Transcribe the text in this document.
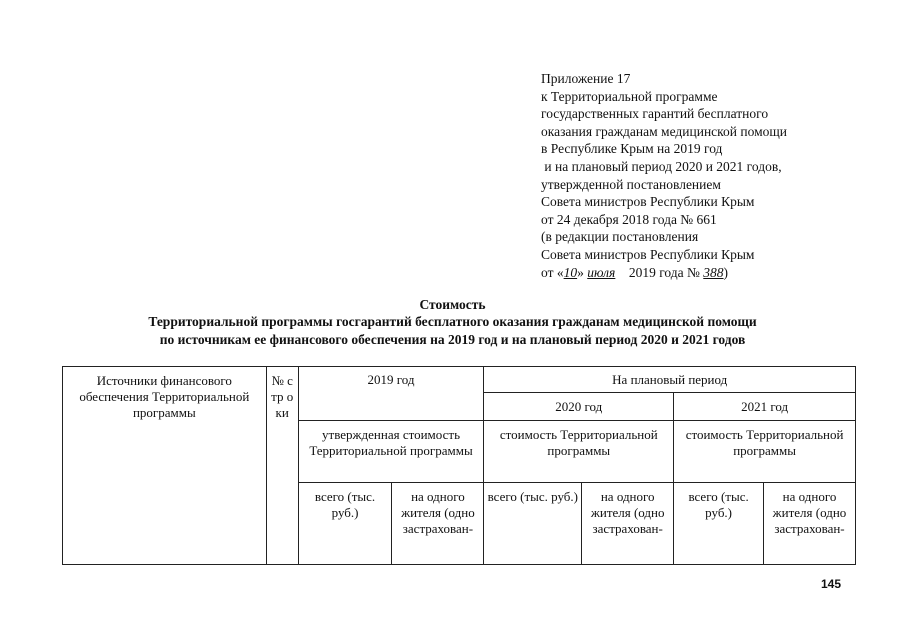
Приложение 17
к Территориальной программе
государственных гарантий бесплатного
оказания гражданам медицинской помощи
в Республике Крым на 2019 год
и на плановый период 2020 и 2021 годов,
утвержденной постановлением
Совета министров Республики Крым
от 24 декабря 2018 года № 661
(в редакции постановления
Совета министров Республики Крым
от «10» июля    2019 года № 388)
Стоимость
Территориальной программы госгарантий бесплатного оказания гражданам медицинской помощи
по источникам ее финансового обеспечения на 2019 год и на плановый период 2020 и 2021 годов
Источники финансового обеспечения Территориальной программы	№ стр оки	2019 год		На плановый период			
				2020 год		2021 год	
		утвержденная стоимость Территориальной программы		стоимость Территориальной программы		стоимость Территориальной программы	
		всего (тыс. руб.)	на одного жителя (одно застрахован-	всего (тыс. руб.)	на одного жителя (одно застрахован-	всего (тыс. руб.)	на одного жителя (одно застрахован-
145
